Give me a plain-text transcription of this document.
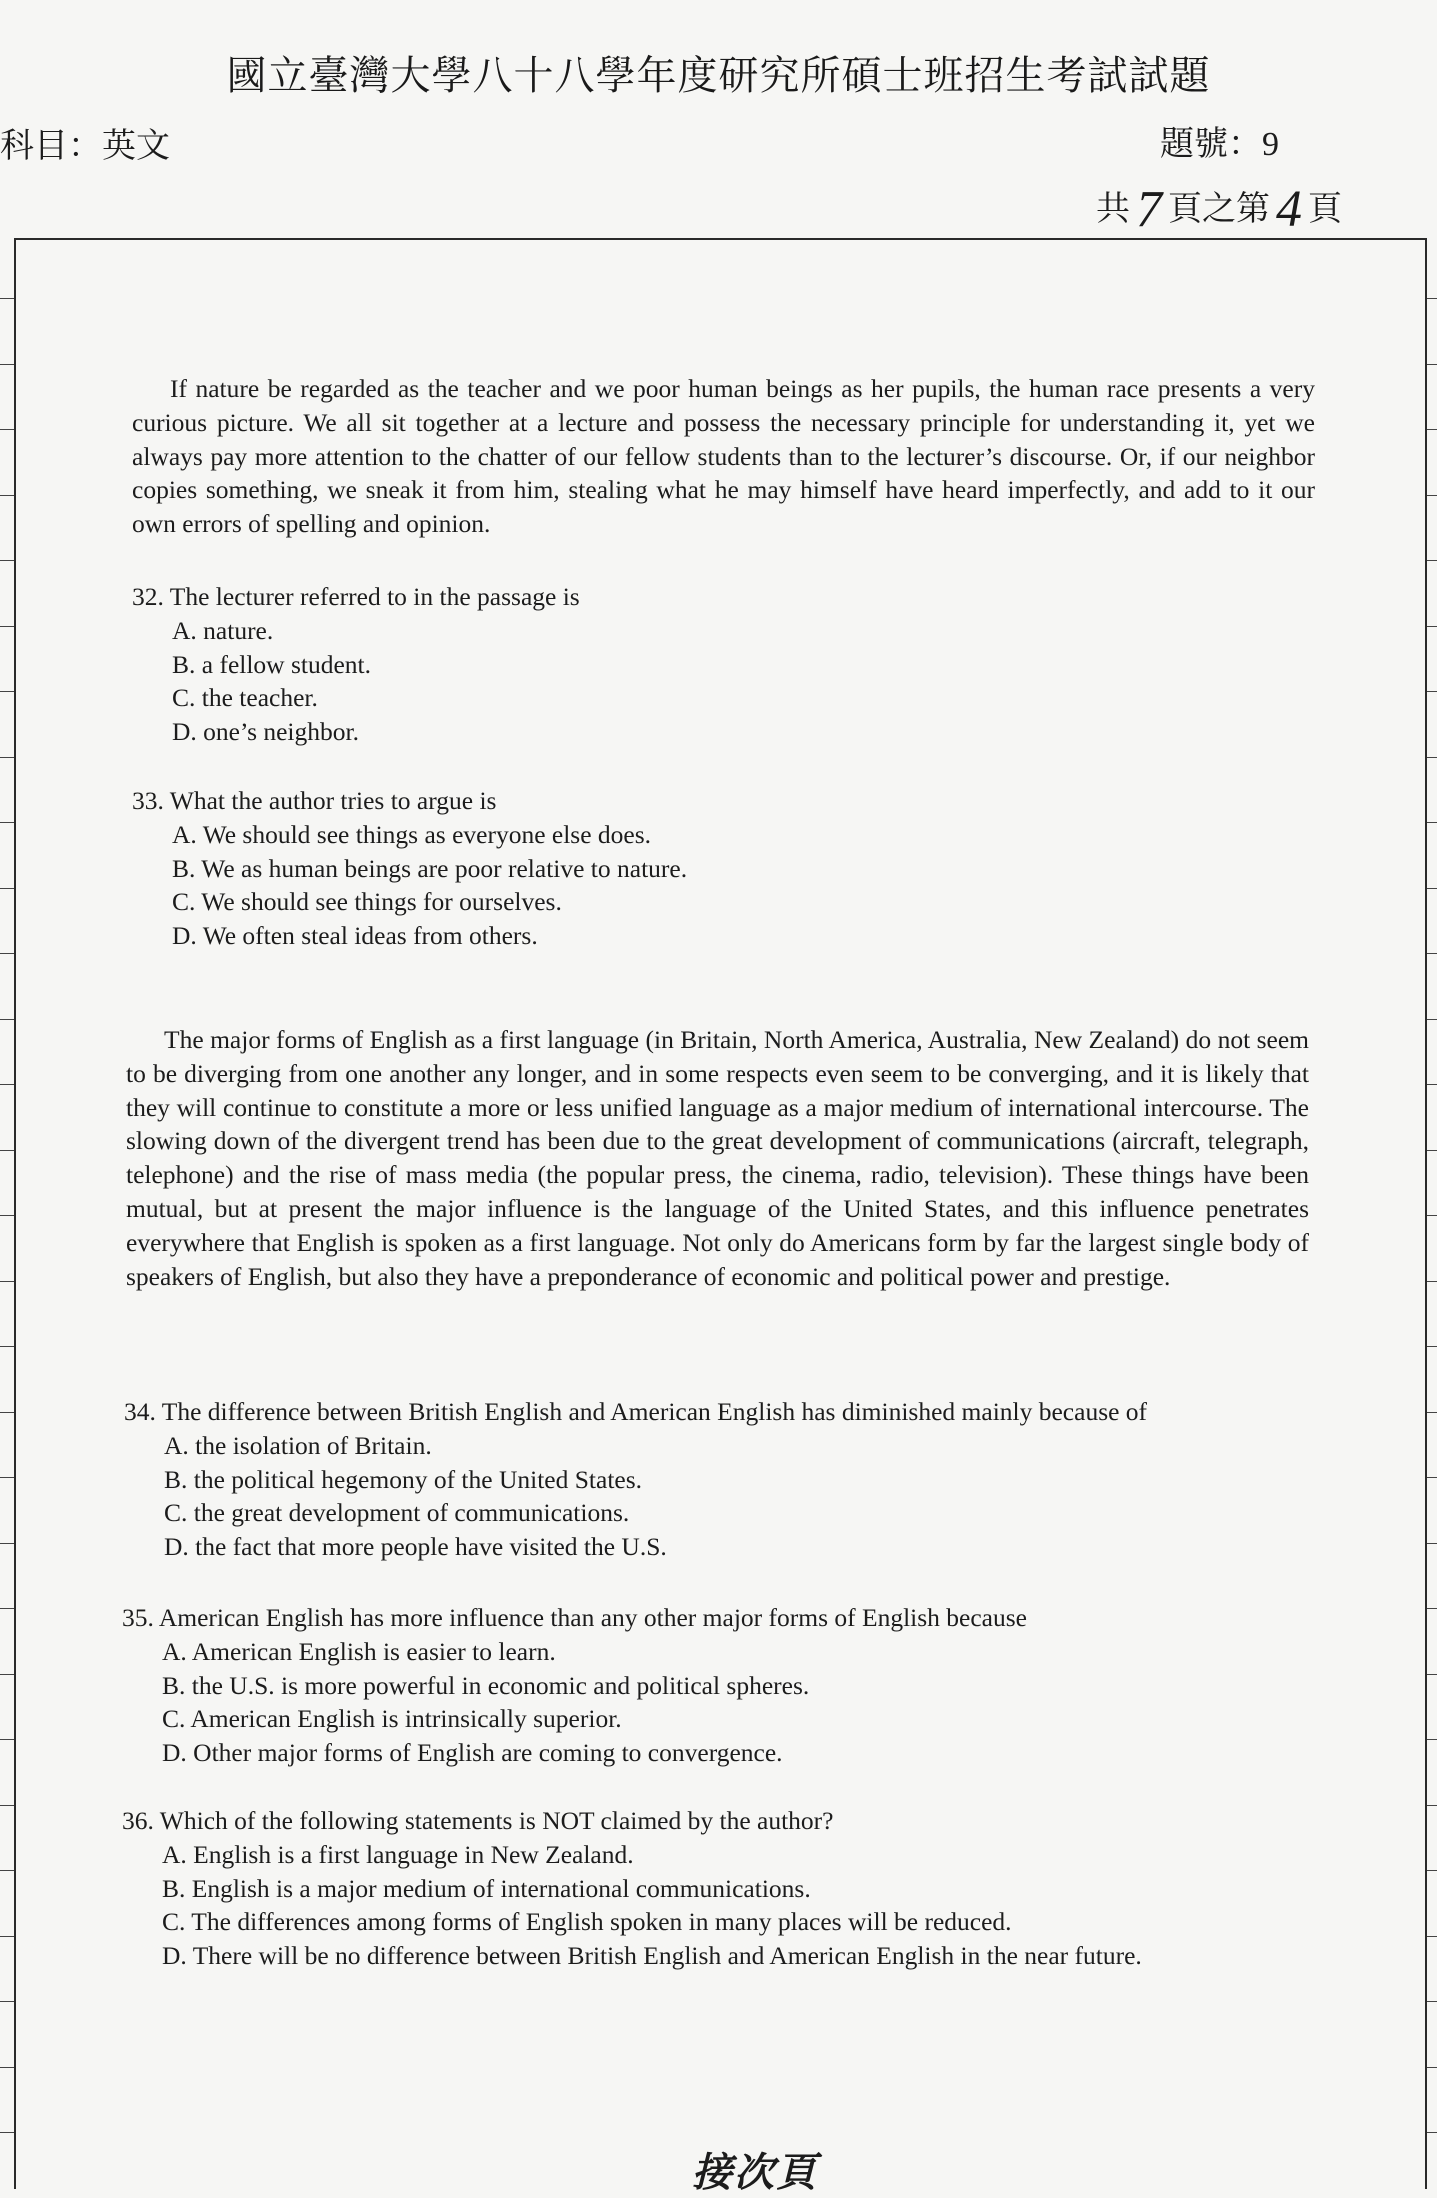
國立臺灣大學八十八學年度研究所碩士班招生考試試題
科目：英文	題號：9
共 7 頁之第 4 頁

If nature be regarded as the teacher and we poor human beings as her pupils, the human race presents a very curious picture. We all sit together at a lecture and possess the necessary principle for understanding it, yet we always pay more attention to the chatter of our fellow students than to the lecturer’s discourse. Or, if our neighbor copies something, we sneak it from him, stealing what he may himself have heard imperfectly, and add to it our own errors of spelling and opinion.

32. The lecturer referred to in the passage is
A. nature.
B. a fellow student.
C. the teacher.
D. one’s neighbor.
33. What the author tries to argue is
A. We should see things as everyone else does.
B. We as human beings are poor relative to nature.
C. We should see things for ourselves.
D. We often steal ideas from others.

The major forms of English as a first language (in Britain, North America, Australia, New Zealand) do not seem to be diverging from one another any longer, and in some respects even seem to be converging, and it is likely that they will continue to constitute a more or less unified language as a major medium of international intercourse. The slowing down of the divergent trend has been due to the great development of communications (aircraft, telegraph, telephone) and the rise of mass media (the popular press, the cinema, radio, television). These things have been mutual, but at present the major influence is the language of the United States, and this influence penetrates everywhere that English is spoken as a first language. Not only do Americans form by far the largest single body of speakers of English, but also they have a preponderance of economic and political power and prestige.

34. The difference between British English and American English has diminished mainly because of
A. the isolation of Britain.
B. the political hegemony of the United States.
C. the great development of communications.
D. the fact that more people have visited the U.S.
35. American English has more influence than any other major forms of English because
A. American English is easier to learn.
B. the U.S. is more powerful in economic and political spheres.
C. American English is intrinsically superior.
D. Other major forms of English are coming to convergence.
36. Which of the following statements is NOT claimed by the author?
A. English is a first language in New Zealand.
B. English is a major medium of international communications.
C. The differences among forms of English spoken in many places will be reduced.
D. There will be no difference between British English and American English in the near future.
接次頁
